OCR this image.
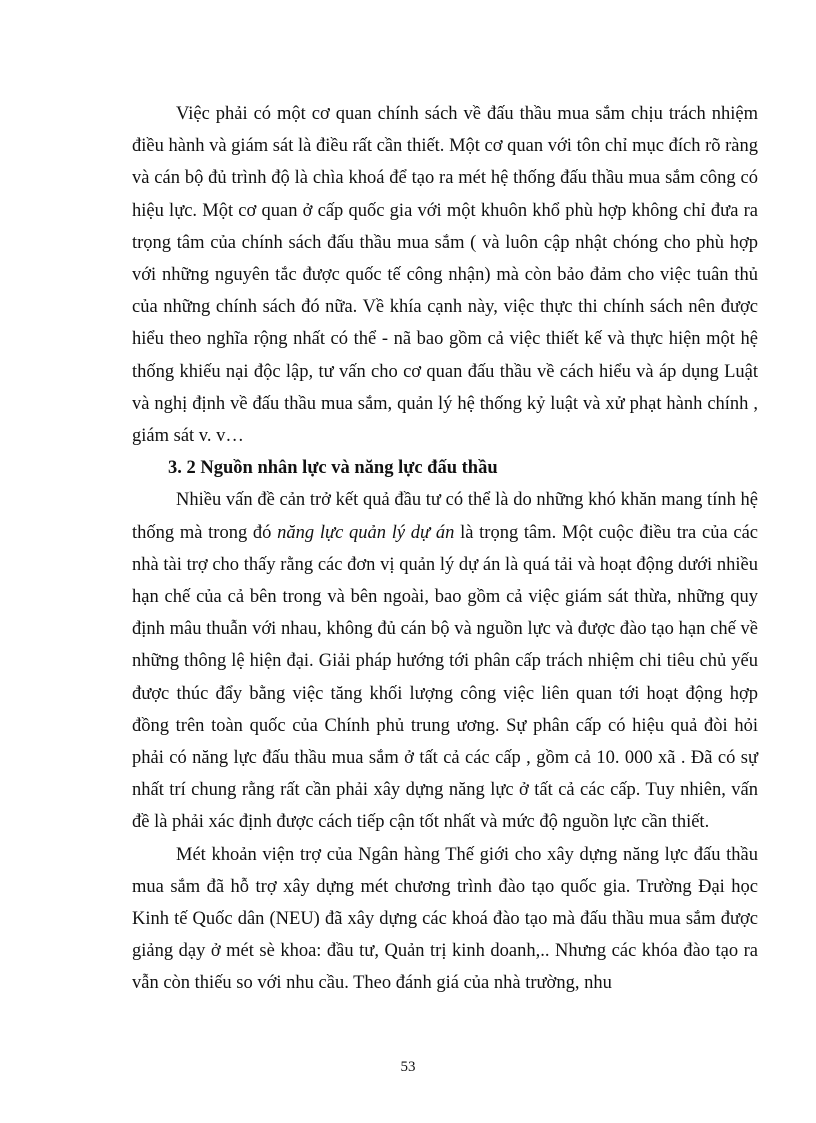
Việc phải có một cơ quan chính sách về đấu thầu mua sắm chịu trách nhiệm điều hành và giám sát là điều rất cần thiết. Một cơ quan với tôn chỉ mục đích rõ ràng và cán bộ đủ trình độ là chìa khoá để tạo ra mét hệ thống đấu thầu mua sắm công có hiệu lực. Một cơ quan ở cấp quốc gia với một khuôn khổ phù hợp không chỉ đưa ra trọng tâm của chính sách đấu thầu mua sắm ( và luôn cập nhật chóng cho phù hợp với những nguyên tắc được quốc tế công nhận) mà còn bảo đảm cho việc tuân thủ của những chính sách đó nữa. Về khía cạnh này, việc thực thi chính sách nên được hiểu theo nghĩa rộng nhất có thể - nã bao gồm cả việc thiết kế và thực hiện một hệ thống khiếu nại độc lập, tư vấn cho cơ quan đấu thầu về cách hiểu và áp dụng Luật và nghị định về đấu thầu mua sắm, quản lý hệ thống kỷ luật và xử phạt hành chính , giám sát v. v…

3. 2 Nguồn nhân lực và năng lực đấu thầu

Nhiều vấn đề cản trở kết quả đầu tư có thể là do những khó khăn mang tính hệ thống mà trong đó năng lực quản lý dự án là trọng tâm. Một cuộc điều tra của các nhà tài trợ cho thấy rằng các đơn vị quản lý dự án là quá tải và hoạt động dưới nhiều hạn chế của cả bên trong và bên ngoài, bao gồm cả việc giám sát thừa, những quy định mâu thuẫn với nhau, không đủ cán bộ và nguồn lực và được đào tạo hạn chế về những thông lệ hiện đại. Giải pháp hướng tới phân cấp trách nhiệm chi tiêu chủ yếu được thúc đẩy bằng việc tăng khối lượng công việc liên quan tới hoạt động hợp đồng trên toàn quốc của Chính phủ trung ương. Sự phân cấp có hiệu quả đòi hỏi phải có năng lực đấu thầu mua sắm ở tất cả các cấp , gồm cả 10. 000 xã . Đã có sự nhất trí chung rằng rất cần phải xây dựng năng lực ở tất cả các cấp. Tuy nhiên, vấn đề là phải xác định được cách tiếp cận tốt nhất và mức độ nguồn lực cần thiết.

Mét khoản viện trợ của Ngân hàng Thế giới cho xây dựng năng lực đấu thầu mua sắm đã hỗ trợ xây dựng mét chương trình đào tạo quốc gia. Trường Đại học Kinh tế Quốc dân (NEU) đã xây dựng các khoá đào tạo mà đấu thầu mua sắm được giảng dạy ở mét sè khoa: đầu tư, Quản trị kinh doanh,.. Nhưng các khóa đào tạo ra vẫn còn thiếu so với nhu cầu. Theo đánh giá của nhà trường, nhu

53
